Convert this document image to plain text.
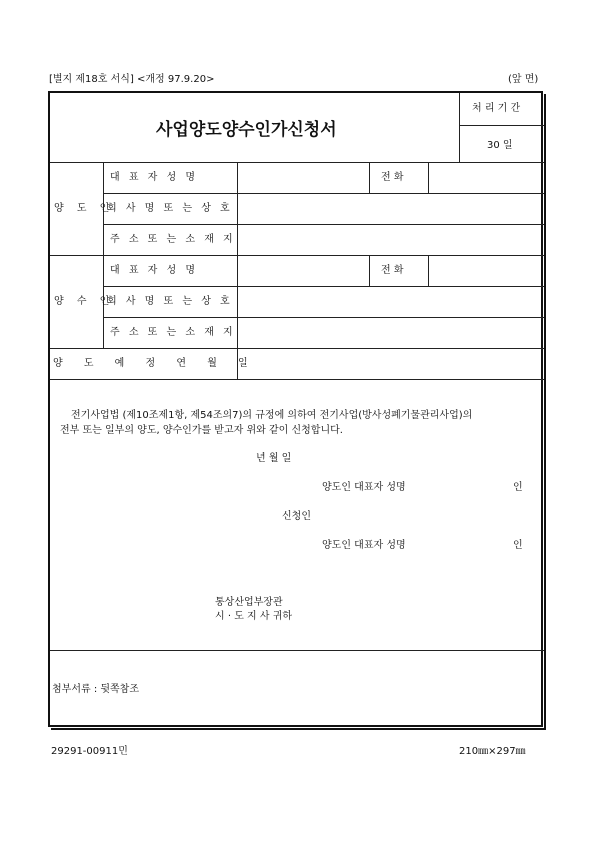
[별지 제18호 서식] <개정 97.9.20>	(앞 면)
사업양도양수인가신청서
처 리 기 간
30 일
양 도 인
대 표 자 성 명	전 화
회 사 명 또 는 상 호
주 소 또 는 소 재 지
양 수 인
대 표 자 성 명	전 화
회 사 명 또 는 상 호
주 소 또 는 소 재 지
양 도 예 정 연 월 일
전기사업법 (제10조제1항, 제54조의7)의 규정에 의하여 전기사업(방사성폐기물관리사업)의
전부 또는 일부의 양도, 양수인가를 받고자 위와 같이 신청합니다.
년 월 일
양도인 대표자 성명	인
신청인
양도인 대표자 성명	인
통상산업부장관
시 · 도 지 사 귀하
첨부서류 : 뒷쪽참조
29291-00911민	210㎜×297㎜
